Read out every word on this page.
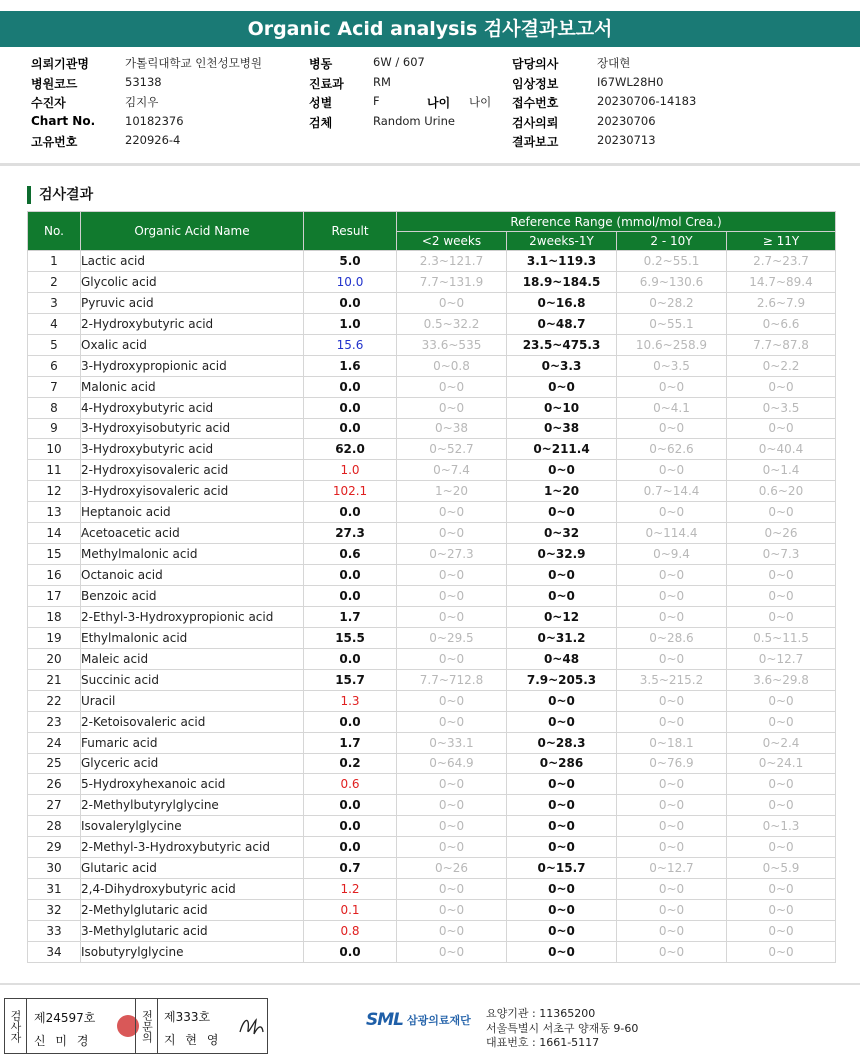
Organic Acid analysis 검사결과보고서
의뢰기관명	가톨릭대학교 인천성모병원	병동	6W / 607	담당의사	장대현
병원코드	53138	진료과	RM	임상정보	I67WL28H0
수진자	김지우	성별	F	나이 나이 접수번호	20230706-14183
Chart No.	10182376	검체	Random Urine	검사의뢰	20230706
고유번호	220926-4	결과보고	20230713
검사결과
No.	Organic Acid Name	Result	Reference Range (mmol/mol Crea.)			
			<2 weeks	2weeks-1Y	2 - 10Y	≥ 11Y
1	Lactic acid	5.0	2.3~121.7	3.1~119.3	0.2~55.1	2.7~23.7
2	Glycolic acid	10.0	7.7~131.9	18.9~184.5	6.9~130.6	14.7~89.4
3	Pyruvic acid	0.0	0~0	0~16.8	0~28.2	2.6~7.9
4	2-Hydroxybutyric acid	1.0	0.5~32.2	0~48.7	0~55.1	0~6.6
5	Oxalic acid	15.6	33.6~535	23.5~475.3	10.6~258.9	7.7~87.8
6	3-Hydroxypropionic acid	1.6	0~0.8	0~3.3	0~3.5	0~2.2
7	Malonic acid	0.0	0~0	0~0	0~0	0~0
8	4-Hydroxybutyric acid	0.0	0~0	0~10	0~4.1	0~3.5
9	3-Hydroxyisobutyric acid	0.0	0~38	0~38	0~0	0~0
10	3-Hydroxybutyric acid	62.0	0~52.7	0~211.4	0~62.6	0~40.4
11	2-Hydroxyisovaleric acid	1.0	0~7.4	0~0	0~0	0~1.4
12	3-Hydroxyisovaleric acid	102.1	1~20	1~20	0.7~14.4	0.6~20
13	Heptanoic acid	0.0	0~0	0~0	0~0	0~0
14	Acetoacetic acid	27.3	0~0	0~32	0~114.4	0~26
15	Methylmalonic acid	0.6	0~27.3	0~32.9	0~9.4	0~7.3
16	Octanoic acid	0.0	0~0	0~0	0~0	0~0
17	Benzoic acid	0.0	0~0	0~0	0~0	0~0
18	2-Ethyl-3-Hydroxypropionic acid	1.7	0~0	0~12	0~0	0~0
19	Ethylmalonic acid	15.5	0~29.5	0~31.2	0~28.6	0.5~11.5
20	Maleic acid	0.0	0~0	0~48	0~0	0~12.7
21	Succinic acid	15.7	7.7~712.8	7.9~205.3	3.5~215.2	3.6~29.8
22	Uracil	1.3	0~0	0~0	0~0	0~0
23	2-Ketoisovaleric acid	0.0	0~0	0~0	0~0	0~0
24	Fumaric acid	1.7	0~33.1	0~28.3	0~18.1	0~2.4
25	Glyceric acid	0.2	0~64.9	0~286	0~76.9	0~24.1
26	5-Hydroxyhexanoic acid	0.6	0~0	0~0	0~0	0~0
27	2-Methylbutyrylglycine	0.0	0~0	0~0	0~0	0~0
28	Isovalerylglycine	0.0	0~0	0~0	0~0	0~1.3
29	2-Methyl-3-Hydroxybutyric acid	0.0	0~0	0~0	0~0	0~0
30	Glutaric acid	0.7	0~26	0~15.7	0~12.7	0~5.9
31	2,4-Dihydroxybutyric acid	1.2	0~0	0~0	0~0	0~0
32	2-Methylglutaric acid	0.1	0~0	0~0	0~0	0~0
33	3-Methylglutaric acid	0.8	0~0	0~0	0~0	0~0
34	Isobutyrylglycine	0.0	0~0	0~0	0~0	0~0
검사자 제24597호
신 미 경	전문의 제333호
지 현 영
SML 삼광의료재단
요양기관 : 11365200
서울특별시 서초구 양재동 9-60
대표번호 : 1661-5117
